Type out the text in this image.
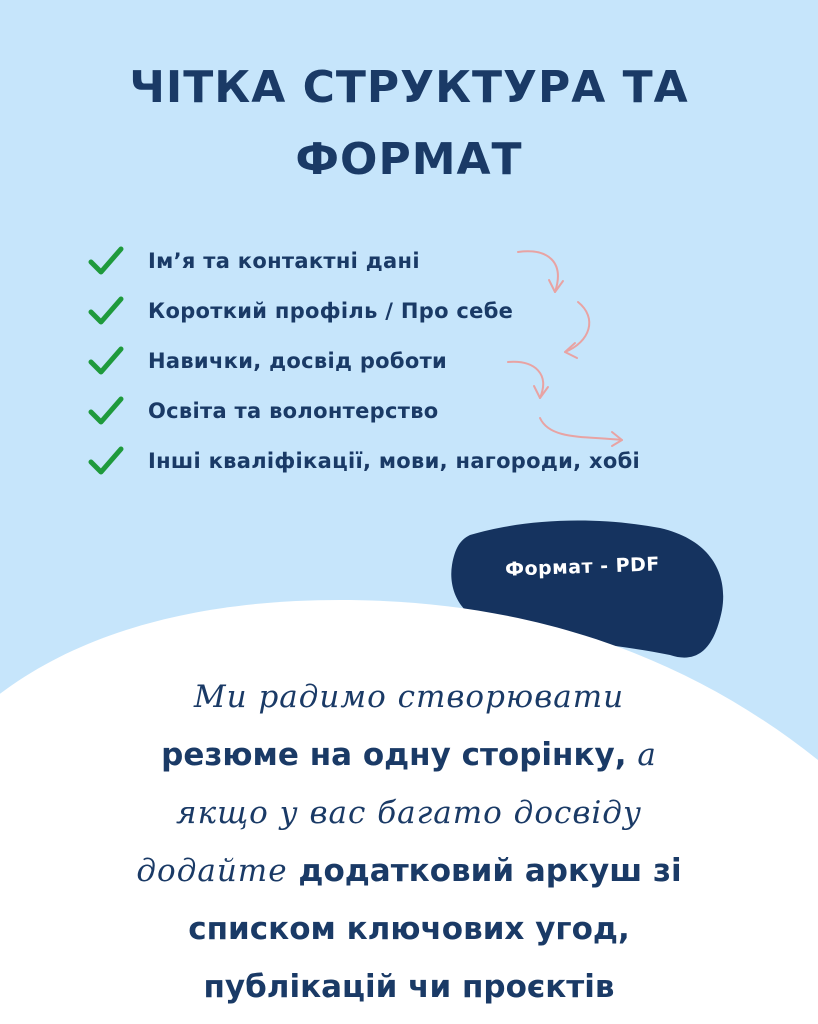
ЧІТКА СТРУКТУРА ТА
ФОРМАТ
Ім’я та контактні дані
Короткий профіль / Про себе
Навички, досвід роботи
Освіта та волонтерство
Інші кваліфікації, мови, нагороди, хобі
Формат - PDF
Ми радимо створювати
резюме на одну сторінку, а
якщо у вас багато досвіду
додайте додатковий аркуш зі
списком ключових угод,
публікацій чи проєктів
